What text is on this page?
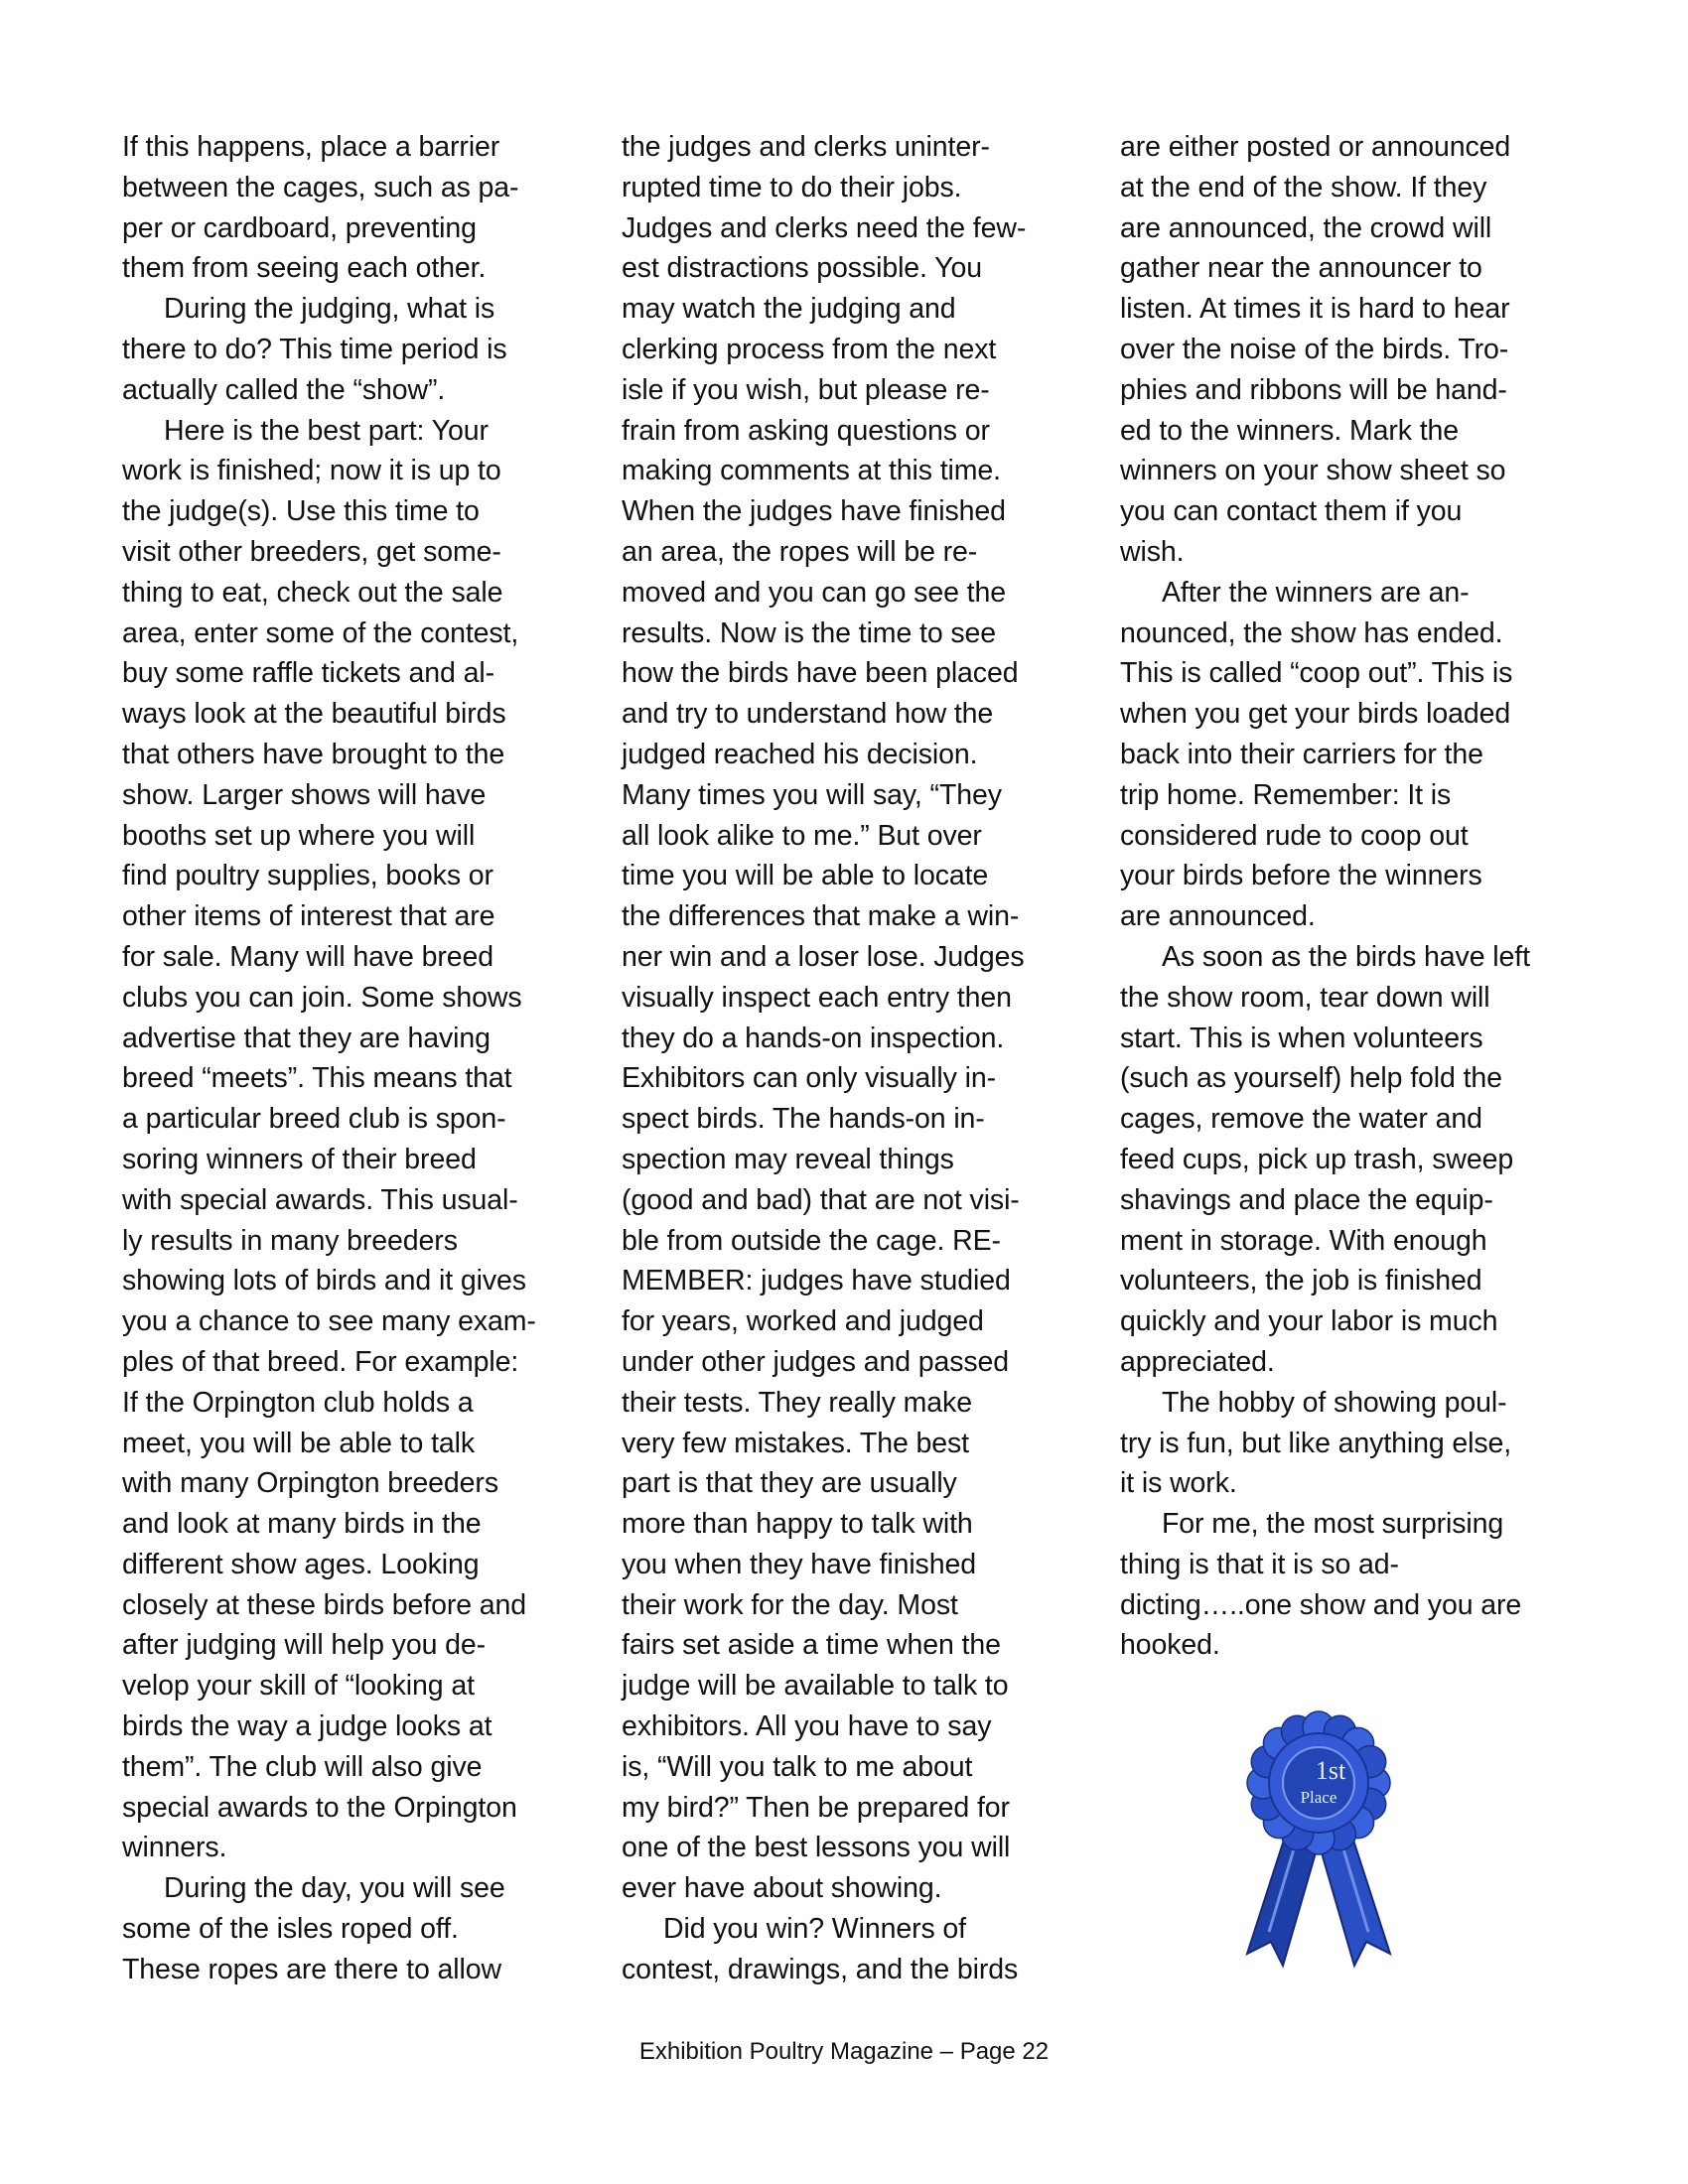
If this happens, place a barrier
between the cages, such as pa-
per or cardboard, preventing
them from seeing each other.
During the judging, what is
there to do? This time period is
actually called the “show”.
Here is the best part: Your
work is finished; now it is up to
the judge(s). Use this time to
visit other breeders, get some-
thing to eat, check out the sale
area, enter some of the contest,
buy some raffle tickets and al-
ways look at the beautiful birds
that others have brought to the
show. Larger shows will have
booths set up where you will
find poultry supplies, books or
other items of interest that are
for sale. Many will have breed
clubs you can join. Some shows
advertise that they are having
breed “meets”. This means that
a particular breed club is spon-
soring winners of their breed
with special awards. This usual-
ly results in many breeders
showing lots of birds and it gives
you a chance to see many exam-
ples of that breed. For example:
If the Orpington club holds a
meet, you will be able to talk
with many Orpington breeders
and look at many birds in the
different show ages. Looking
closely at these birds before and
after judging will help you de-
velop your skill of “looking at
birds the way a judge looks at
them”. The club will also give
special awards to the Orpington
winners.
During the day, you will see
some of the isles roped off.
These ropes are there to allow
the judges and clerks uninter-
rupted time to do their jobs.
Judges and clerks need the few-
est distractions possible. You
may watch the judging and
clerking process from the next
isle if you wish, but please re-
frain from asking questions or
making comments at this time.
When the judges have finished
an area, the ropes will be re-
moved and you can go see the
results. Now is the time to see
how the birds have been placed
and try to understand how the
judged reached his decision.
Many times you will say, “They
all look alike to me.” But over
time you will be able to locate
the differences that make a win-
ner win and a loser lose. Judges
visually inspect each entry then
they do a hands-on inspection.
Exhibitors can only visually in-
spect birds. The hands-on in-
spection may reveal things
(good and bad) that are not visi-
ble from outside the cage. RE-
MEMBER: judges have studied
for years, worked and judged
under other judges and passed
their tests. They really make
very few mistakes. The best
part is that they are usually
more than happy to talk with
you when they have finished
their work for the day. Most
fairs set aside a time when the
judge will be available to talk to
exhibitors. All you have to say
is, “Will you talk to me about
my bird?” Then be prepared for
one of the best lessons you will
ever have about showing.
Did you win? Winners of
contest, drawings, and the birds
are either posted or announced
at the end of the show. If they
are announced, the crowd will
gather near the announcer to
listen. At times it is hard to hear
over the noise of the birds. Tro-
phies and ribbons will be hand-
ed to the winners. Mark the
winners on your show sheet so
you can contact them if you
wish.
After the winners are an-
nounced, the show has ended.
This is called “coop out”. This is
when you get your birds loaded
back into their carriers for the
trip home. Remember: It is
considered rude to coop out
your birds before the winners
are announced.
As soon as the birds have left
the show room, tear down will
start. This is when volunteers
(such as yourself) help fold the
cages, remove the water and
feed cups, pick up trash, sweep
shavings and place the equip-
ment in storage. With enough
volunteers, the job is finished
quickly and your labor is much
appreciated.
The hobby of showing poul-
try is fun, but like anything else,
it is work.
For me, the most surprising
thing is that it is so ad-
dicting…..one show and you are
hooked.
1st
Place
Exhibition Poultry Magazine – Page 22
